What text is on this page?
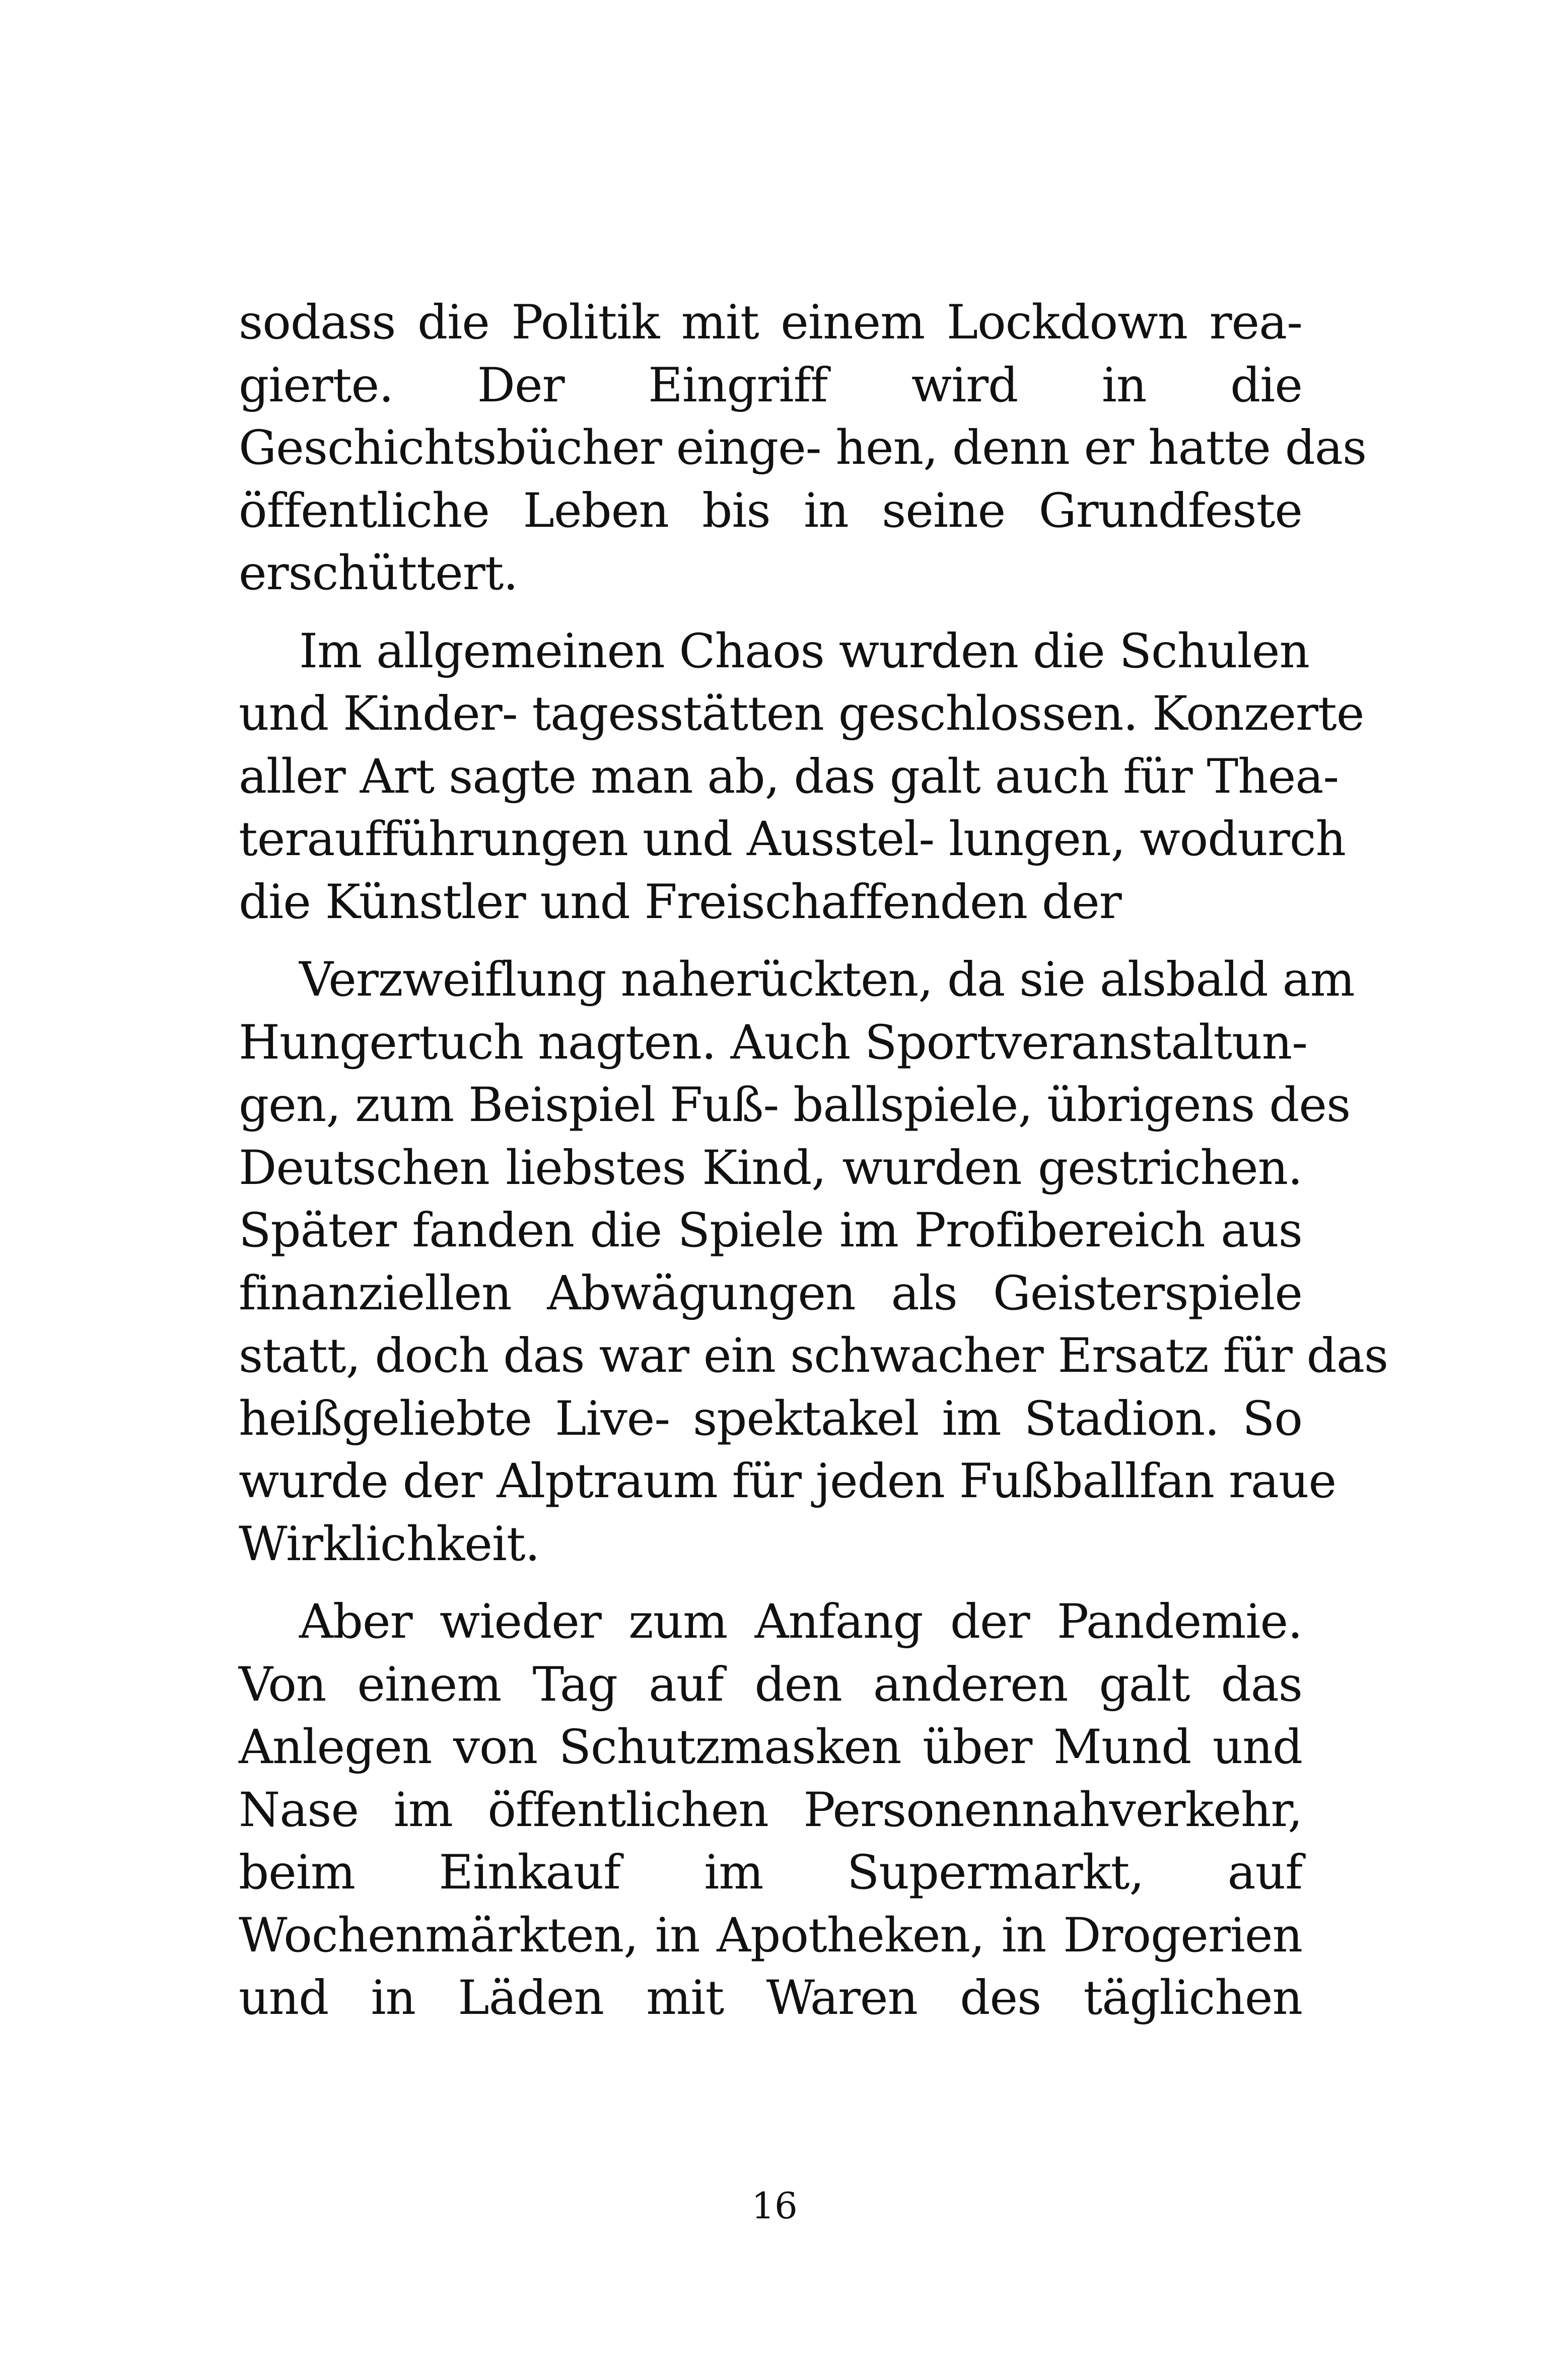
sodass die Politik mit einem Lockdown rea-
gierte. Der Eingriff wird in die
Geschichtsbücher einge- hen, denn er hatte das
öffentliche Leben bis in seine Grundfeste
erschüttert.
Im allgemeinen Chaos wurden die Schulen
und Kinder- tagesstätten geschlossen. Konzerte
aller Art sagte man ab, das galt auch für Thea-
teraufführungen und Ausstel- lungen, wodurch
die Künstler und Freischaffenden der
Verzweiflung naherückten, da sie alsbald am
Hungertuch nagten. Auch Sportveranstaltun-
gen, zum Beispiel Fuß- ballspiele, übrigens des
Deutschen liebstes Kind, wurden gestrichen.
Später fanden die Spiele im Profibereich aus
finanziellen Abwägungen als Geisterspiele
statt, doch das war ein schwacher Ersatz für das
heißgeliebte Live- spektakel im Stadion. So
wurde der Alptraum für jeden Fußballfan raue
Wirklichkeit.
Aber wieder zum Anfang der Pandemie.
Von einem Tag auf den anderen galt das
Anlegen von Schutzmasken über Mund und
Nase im öffentlichen Personennahverkehr,
beim Einkauf im Supermarkt, auf
Wochenmärkten, in Apotheken, in Drogerien
und in Läden mit Waren des täglichen
16
